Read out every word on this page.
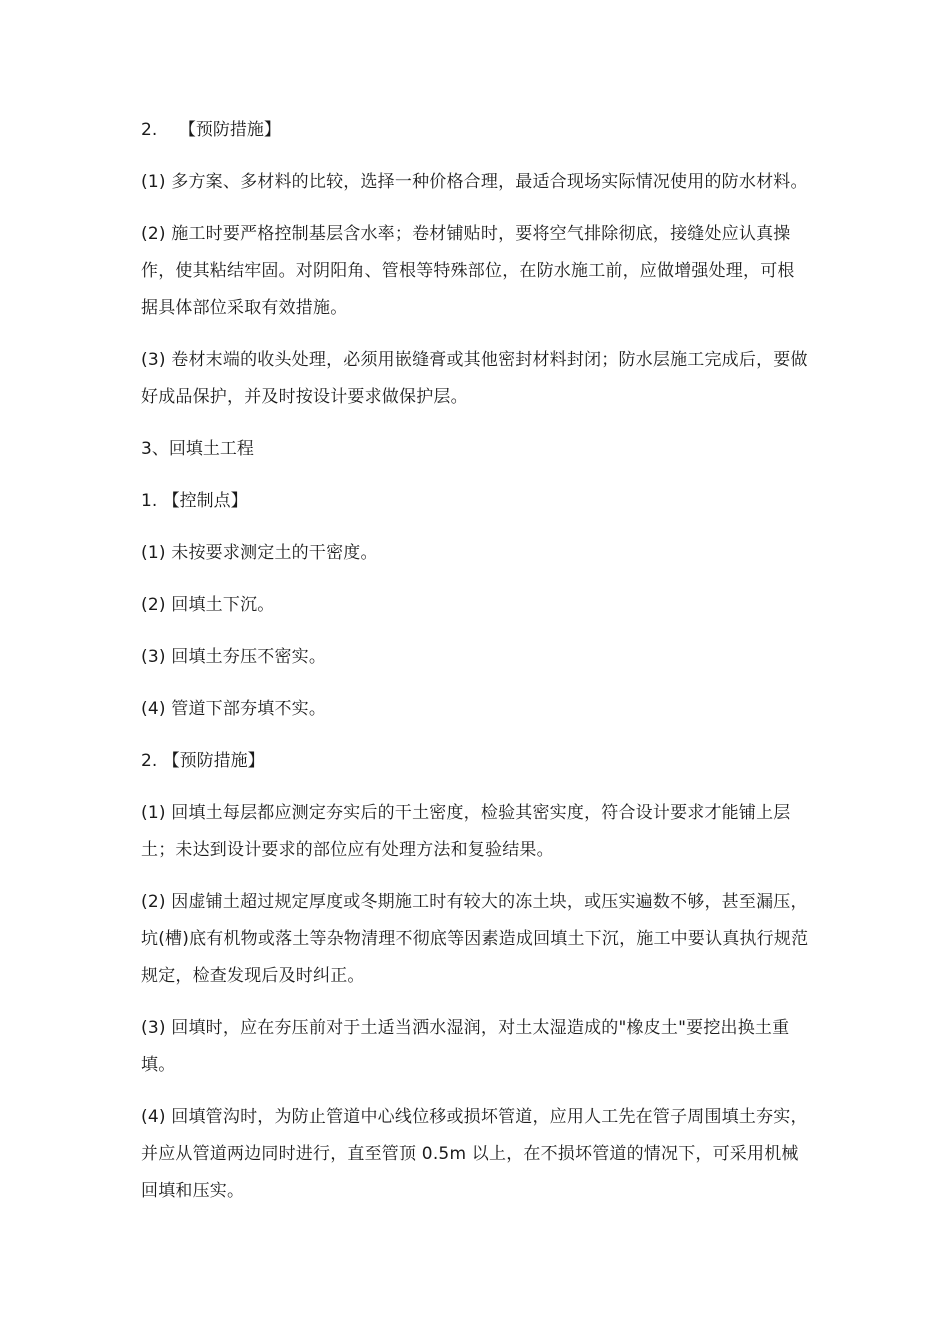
2.    【预防措施】

(1) 多方案、多材料的比较，选择一种价格合理，最适合现场实际情况使用的防水材料。

(2) 施工时要严格控制基层含水率；卷材铺贴时，要将空气排除彻底，接缝处应认真操作，使其粘结牢固。对阴阳角、管根等特殊部位，在防水施工前，应做增强处理，可根据具体部位采取有效措施。

(3) 卷材末端的收头处理，必须用嵌缝膏或其他密封材料封闭；防水层施工完成后，要做好成品保护，并及时按设计要求做保护层。

3、回填土工程

1. 【控制点】

(1) 未按要求测定土的干密度。

(2) 回填土下沉。

(3) 回填土夯压不密实。

(4) 管道下部夯填不实。

2. 【预防措施】

(1) 回填土每层都应测定夯实后的干土密度，检验其密实度，符合设计要求才能铺上层土；未达到设计要求的部位应有处理方法和复验结果。

(2) 因虚铺土超过规定厚度或冬期施工时有较大的冻土块，或压实遍数不够，甚至漏压，坑(槽)底有机物或落土等杂物清理不彻底等因素造成回填土下沉，施工中要认真执行规范规定，检查发现后及时纠正。

(3) 回填时，应在夯压前对于土适当洒水湿润，对土太湿造成的"橡皮土"要挖出换土重填。

(4) 回填管沟时，为防止管道中心线位移或损坏管道，应用人工先在管子周围填土夯实，并应从管道两边同时进行，直至管顶 0.5m 以上，在不损坏管道的情况下，可采用机械回填和压实。
